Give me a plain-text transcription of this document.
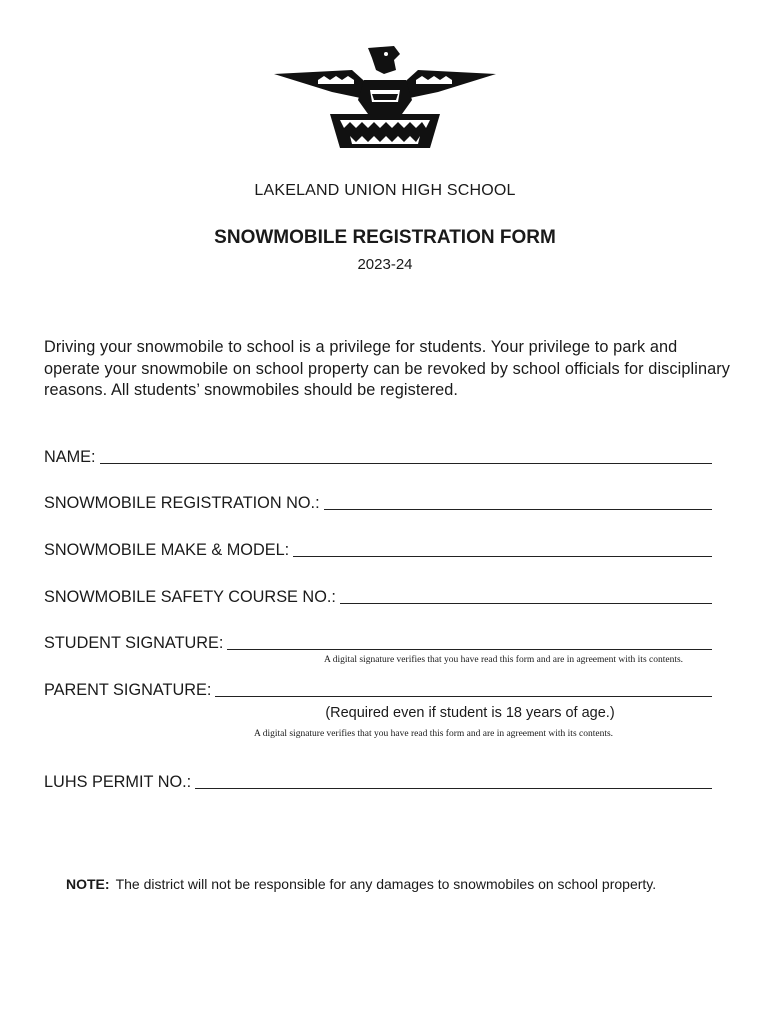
LAKELAND UNION HIGH SCHOOL
SNOWMOBILE REGISTRATION FORM
2023-24
Driving your snowmobile to school is a privilege for students. Your privilege to park and operate your snowmobile on school property can be revoked by school officials for disciplinary reasons. All students’ snowmobiles should be registered.
NAME:
SNOWMOBILE REGISTRATION NO.:
SNOWMOBILE MAKE & MODEL:
SNOWMOBILE SAFETY COURSE NO.:
STUDENT SIGNATURE:
A digital signature verifies that you have read this form and are in agreement with its contents.
PARENT SIGNATURE:
(Required even if student is 18 years of age.)
A digital signature verifies that you have read this form and are in agreement with its contents.
LUHS PERMIT NO.:
NOTE: The district will not be responsible for any damages to snowmobiles on school property.
